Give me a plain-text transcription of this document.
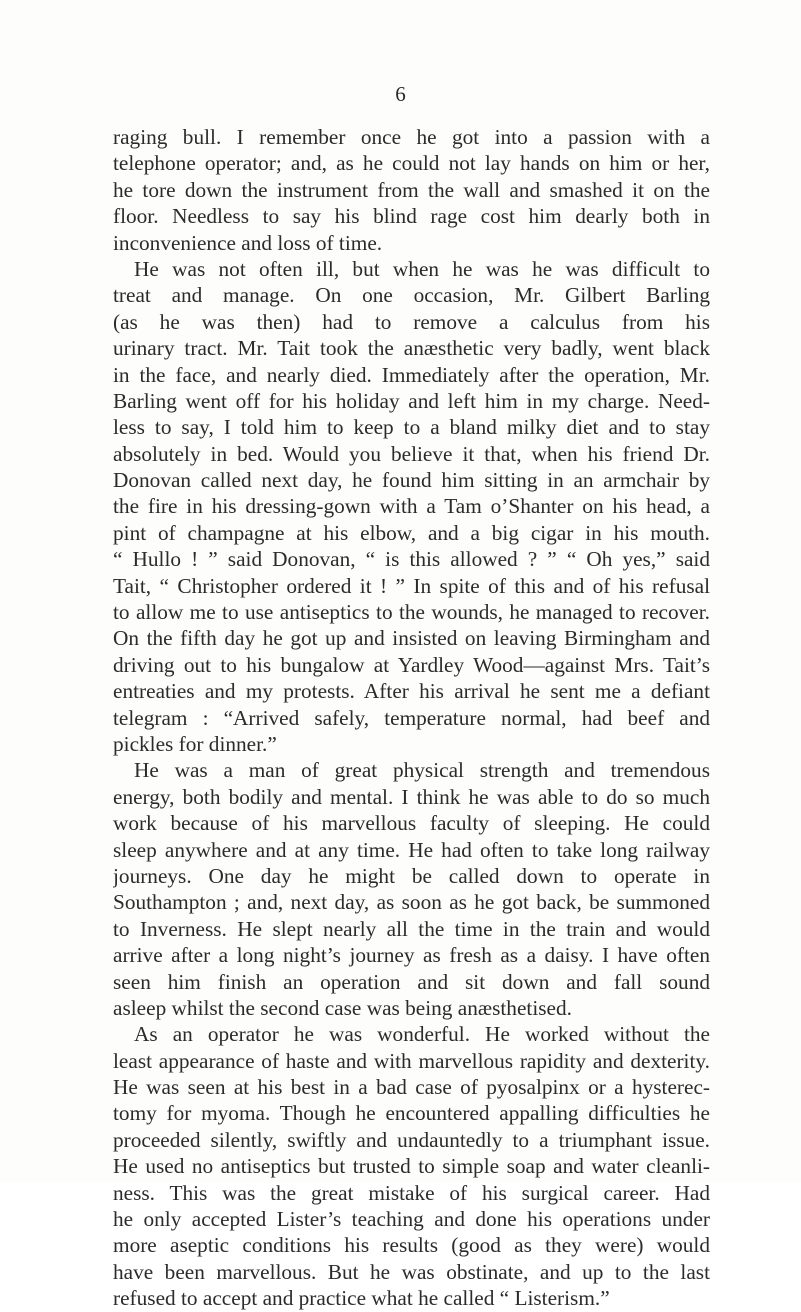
6
raging bull. I remember once he got into a passion with a
telephone operator; and, as he could not lay hands on him or her,
he tore down the instrument from the wall and smashed it on the
floor. Needless to say his blind rage cost him dearly both in
inconvenience and loss of time.
He was not often ill, but when he was he was difficult to
treat and manage. On one occasion, Mr. Gilbert Barling
(as he was then) had to remove a calculus from his
urinary tract. Mr. Tait took the anæsthetic very badly, went black
in the face, and nearly died. Immediately after the operation, Mr.
Barling went off for his holiday and left him in my charge. Need-
less to say, I told him to keep to a bland milky diet and to stay
absolutely in bed. Would you believe it that, when his friend Dr.
Donovan called next day, he found him sitting in an armchair by
the fire in his dressing-gown with a Tam o’Shanter on his head, a
pint of champagne at his elbow, and a big cigar in his mouth.
“ Hullo ! ” said Donovan, “ is this allowed ? ” “ Oh yes,” said
Tait, “ Christopher ordered it ! ” In spite of this and of his refusal
to allow me to use antiseptics to the wounds, he managed to recover.
On the fifth day he got up and insisted on leaving Birmingham and
driving out to his bungalow at Yardley Wood—against Mrs. Tait’s
entreaties and my protests. After his arrival he sent me a defiant
telegram : “Arrived safely, temperature normal, had beef and
pickles for dinner.”
He was a man of great physical strength and tremendous
energy, both bodily and mental. I think he was able to do so much
work because of his marvellous faculty of sleeping. He could
sleep anywhere and at any time. He had often to take long railway
journeys. One day he might be called down to operate in
Southampton ; and, next day, as soon as he got back, be summoned
to Inverness. He slept nearly all the time in the train and would
arrive after a long night’s journey as fresh as a daisy. I have often
seen him finish an operation and sit down and fall sound
asleep whilst the second case was being anæsthetised.
As an operator he was wonderful. He worked without the
least appearance of haste and with marvellous rapidity and dexterity.
He was seen at his best in a bad case of pyosalpinx or a hysterec-
tomy for myoma. Though he encountered appalling difficulties he
proceeded silently, swiftly and undauntedly to a triumphant issue.
He used no antiseptics but trusted to simple soap and water cleanli-
ness. This was the great mistake of his surgical career. Had
he only accepted Lister’s teaching and done his operations under
more aseptic conditions his results (good as they were) would
have been marvellous. But he was obstinate, and up to the last
refused to accept and practice what he called “ Listerism.”
